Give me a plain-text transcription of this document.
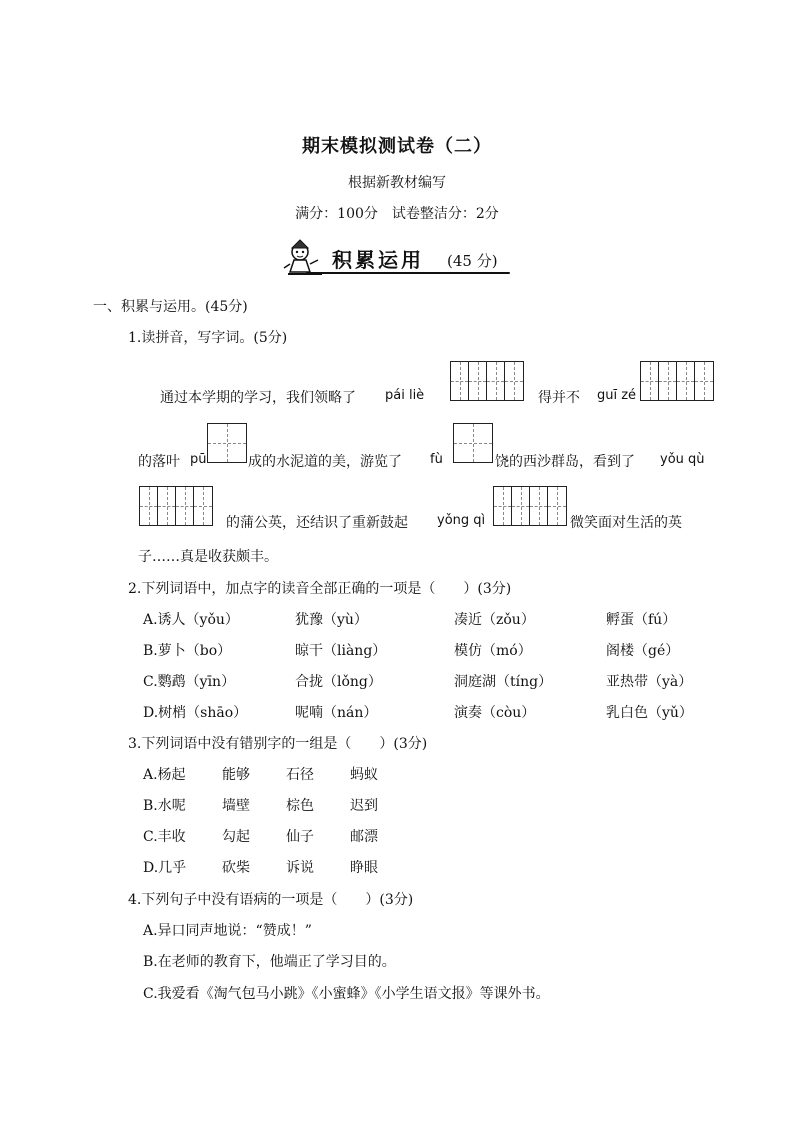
期末模拟测试卷（二）
根据新教材编写
满分：100分　试卷整洁分：2分
积累运用 (45 分)
一、积累与运用。(45分)
1.读拼音，写字词。(5分)
通过本学期的学习，我们领略了 pái liè	得并不 guī zé
的落叶 pū	成的水泥道的美，游览了 fù	饶的西沙群岛，看到了 yǒu qù
的蒲公英，还结识了重新鼓起 yǒng qì	微笑面对生活的英
子……真是收获颇丰。
2.下列词语中，加点字的读音全部正确的一项是（　　）(3分)
A.诱人（yǒu）	犹豫（yù）	凑近（zǒu）	孵蛋（fú）
B.萝卜（bo）	晾干（liàng）	模仿（mó）	阁楼（gé）
C.鹦鹉（yīn）	合拢（lǒng）	洞庭湖（tíng）	亚热带（yà）
D.树梢（shāo）	呢喃（nán）	演奏（còu）	乳白色（yǔ）
3.下列词语中没有错别字的一组是（　　）(3分)
A.杨起	能够	石径	蚂蚁
B.水呢	墙壁	棕色	迟到
C.丰收	勾起	仙子	邮漂
D.几乎	砍柴	诉说	睁眼
4.下列句子中没有语病的一项是（　　）(3分)
A.异口同声地说：“赞成！”
B.在老师的教育下，他端正了学习目的。
C.我爱看《淘气包马小跳》《小蜜蜂》《小学生语文报》等课外书。
